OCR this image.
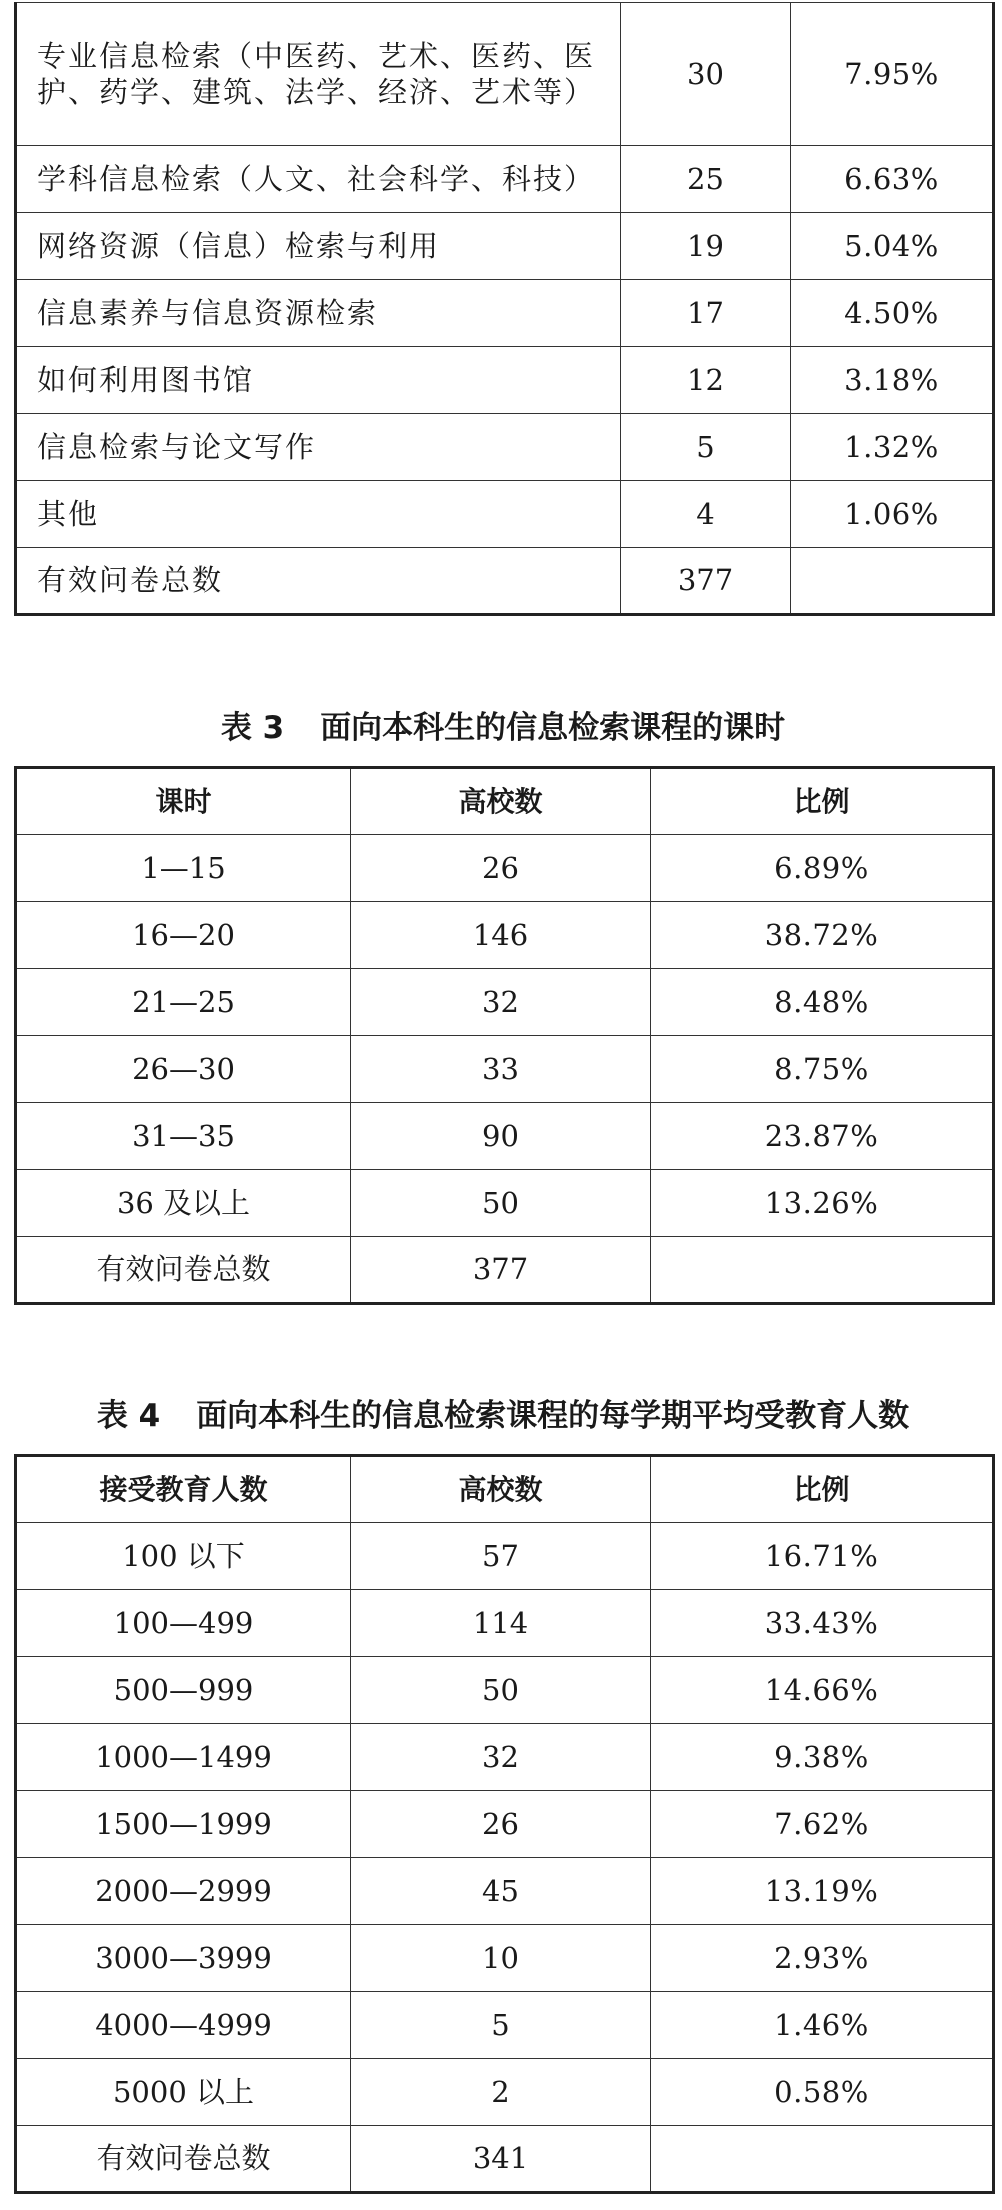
专业信息检索（中医药、艺术、医药、医护、药学、建筑、法学、经济、艺术等）	30	7.95%
学科信息检索（人文、社会科学、科技）	25	6.63%
网络资源（信息）检索与利用	19	5.04%
信息素养与信息资源检索	17	4.50%
如何利用图书馆	12	3.18%
信息检索与论文写作	5	1.32%
其他	4	1.06%
有效问卷总数	377	
表 3 面向本科生的信息检索课程的课时
课时	高校数	比例
1—15	26	6.89%
16—20	146	38.72%
21—25	32	8.48%
26—30	33	8.75%
31—35	90	23.87%
36 及以上	50	13.26%
有效问卷总数	377	
表 4 面向本科生的信息检索课程的每学期平均受教育人数
接受教育人数	高校数	比例
100 以下	57	16.71%
100—499	114	33.43%
500—999	50	14.66%
1000—1499	32	9.38%
1500—1999	26	7.62%
2000—2999	45	13.19%
3000—3999	10	2.93%
4000—4999	5	1.46%
5000 以上	2	0.58%
有效问卷总数	341	
